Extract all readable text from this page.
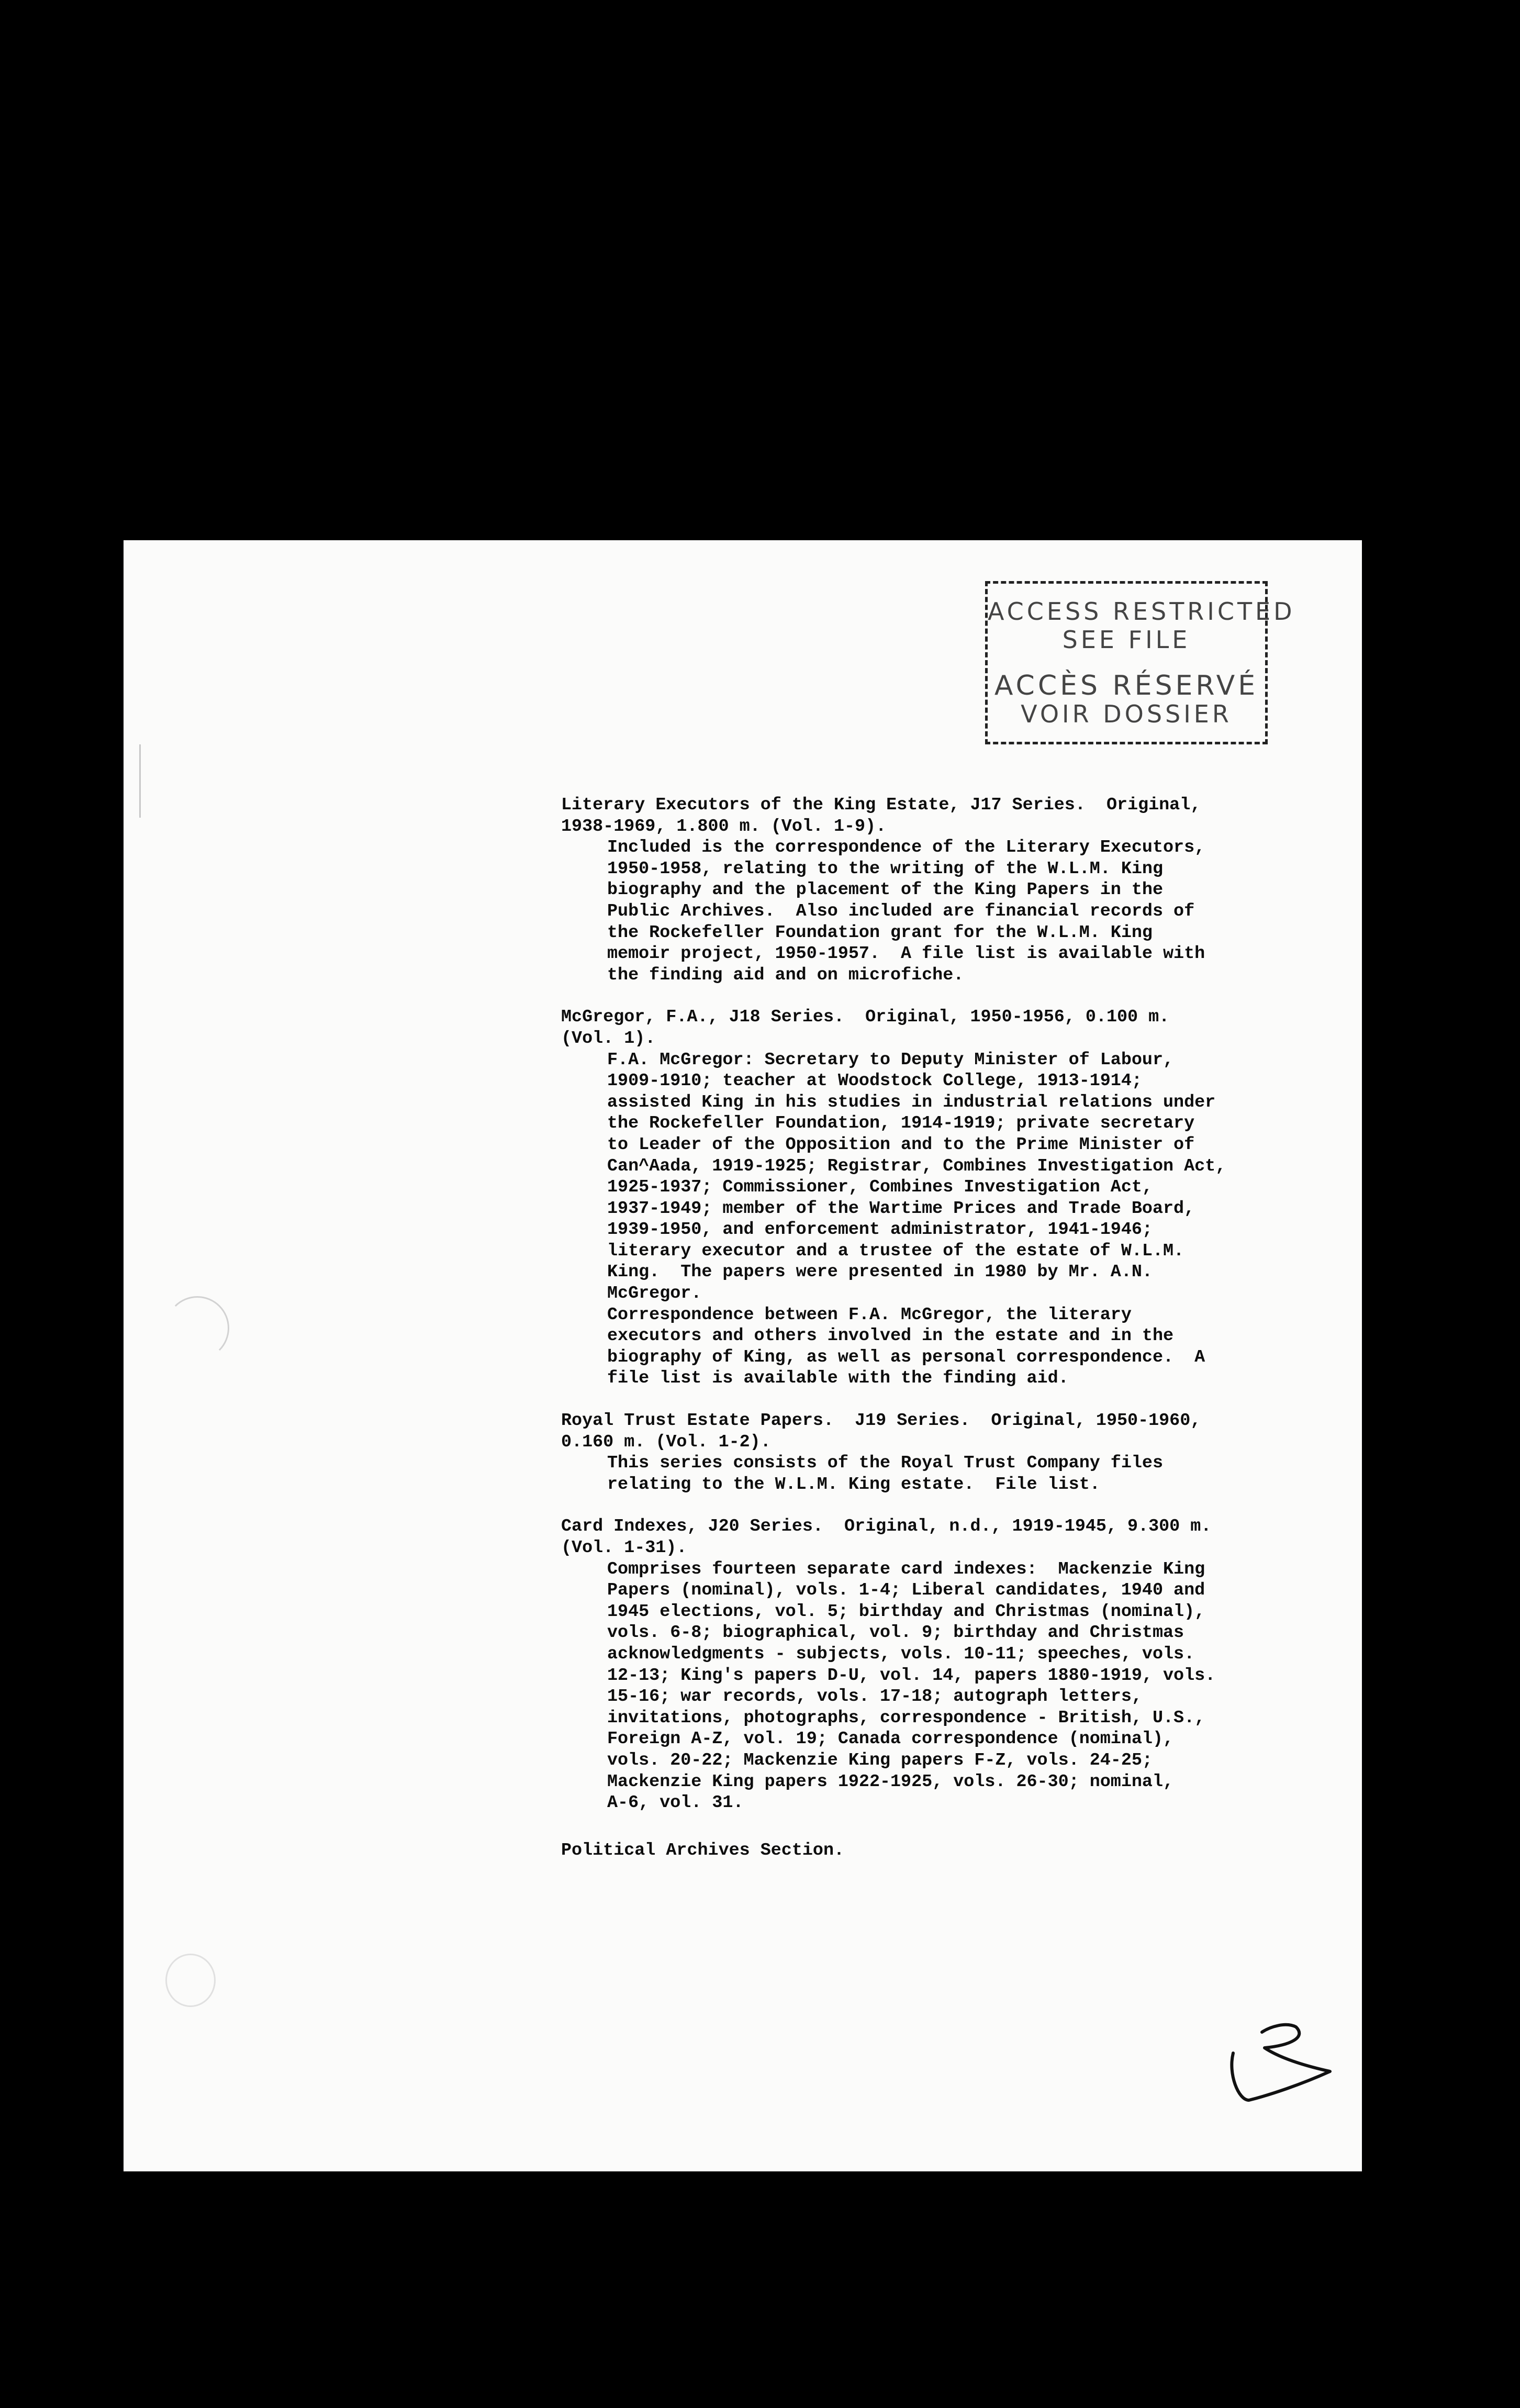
ACCESS RESTRICTED
SEE FILE
ACCÈS RÉSERVÉ
VOIR DOSSIER

Literary Executors of the King Estate, J17 Series.  Original,
1938-1969, 1.800 m. (Vol. 1-9).

Included is the correspondence of the Literary Executors,
1950-1958, relating to the writing of the W.L.M. King
biography and the placement of the King Papers in the
Public Archives.  Also included are financial records of
the Rockefeller Foundation grant for the W.L.M. King
memoir project, 1950-1957.  A file list is available with
the finding aid and on microfiche.

McGregor, F.A., J18 Series.  Original, 1950-1956, 0.100 m.
(Vol. 1).

F.A. McGregor: Secretary to Deputy Minister of Labour,
1909-1910; teacher at Woodstock College, 1913-1914;
assisted King in his studies in industrial relations under
the Rockefeller Foundation, 1914-1919; private secretary
to Leader of the Opposition and to the Prime Minister of
Can^Aada, 1919-1925; Registrar, Combines Investigation Act,
1925-1937; Commissioner, Combines Investigation Act,
1937-1949; member of the Wartime Prices and Trade Board,
1939-1950, and enforcement administrator, 1941-1946;
literary executor and a trustee of the estate of W.L.M.
King.  The papers were presented in 1980 by Mr. A.N.
McGregor.

Correspondence between F.A. McGregor, the literary
executors and others involved in the estate and in the
biography of King, as well as personal correspondence.  A
file list is available with the finding aid.

Royal Trust Estate Papers.  J19 Series.  Original, 1950-1960,
0.160 m. (Vol. 1-2).

This series consists of the Royal Trust Company files
relating to the W.L.M. King estate.  File list.

Card Indexes, J20 Series.  Original, n.d., 1919-1945, 9.300 m.
(Vol. 1-31).

Comprises fourteen separate card indexes:  Mackenzie King
Papers (nominal), vols. 1-4; Liberal candidates, 1940 and
1945 elections, vol. 5; birthday and Christmas (nominal),
vols. 6-8; biographical, vol. 9; birthday and Christmas
acknowledgments - subjects, vols. 10-11; speeches, vols.
12-13; King's papers D-U, vol. 14, papers 1880-1919, vols.
15-16; war records, vols. 17-18; autograph letters,
invitations, photographs, correspondence - British, U.S.,
Foreign A-Z, vol. 19; Canada correspondence (nominal),
vols. 20-22; Mackenzie King papers F-Z, vols. 24-25;
Mackenzie King papers 1922-1925, vols. 26-30; nominal,
A-6, vol. 31.

Political Archives Section.
